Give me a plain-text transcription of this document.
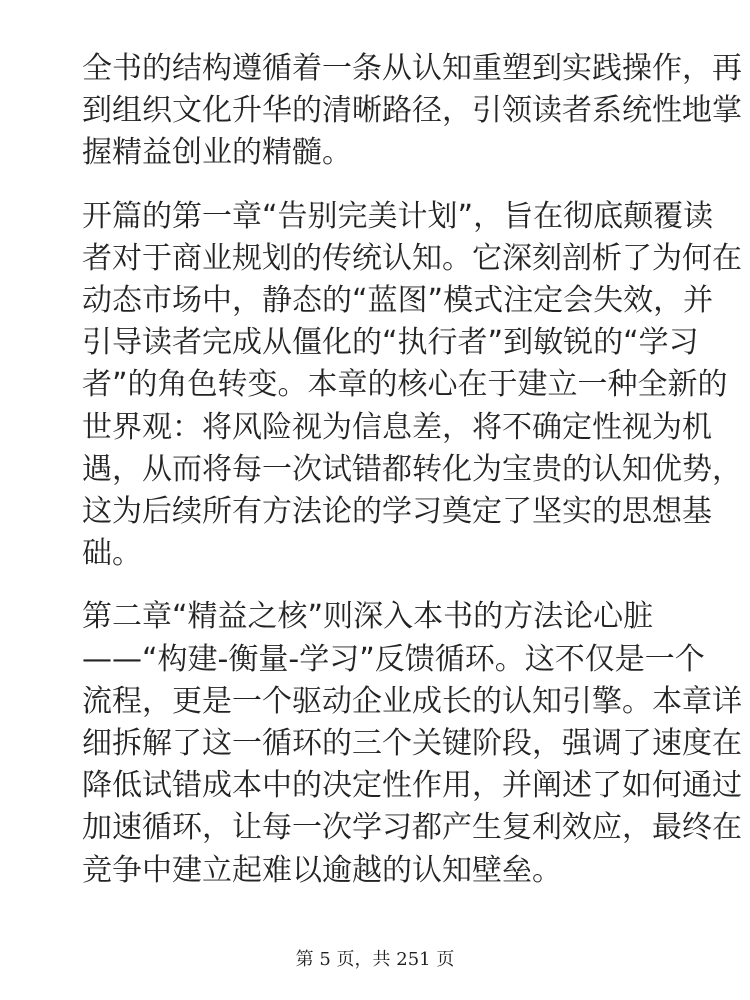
全书的结构遵循着一条从认知重塑到实践操作，再
到组织文化升华的清晰路径，引领读者系统性地掌
握精益创业的精髓。

开篇的第一章“告别完美计划”，旨在彻底颠覆读
者对于商业规划的传统认知。它深刻剖析了为何在
动态市场中，静态的“蓝图”模式注定会失效，并
引导读者完成从僵化的“执行者”到敏锐的“学习
者”的角色转变。本章的核心在于建立一种全新的
世界观：将风险视为信息差，将不确定性视为机
遇，从而将每一次试错都转化为宝贵的认知优势，
这为后续所有方法论的学习奠定了坚实的思想基
础。

第二章“精益之核”则深入本书的方法论心脏
——“构建-衡量-学习”反馈循环。这不仅是一个
流程，更是一个驱动企业成长的认知引擎。本章详
细拆解了这一循环的三个关键阶段，强调了速度在
降低试错成本中的决定性作用，并阐述了如何通过
加速循环，让每一次学习都产生复利效应，最终在
竞争中建立起难以逾越的认知壁垒。

第 5 页，共 251 页
